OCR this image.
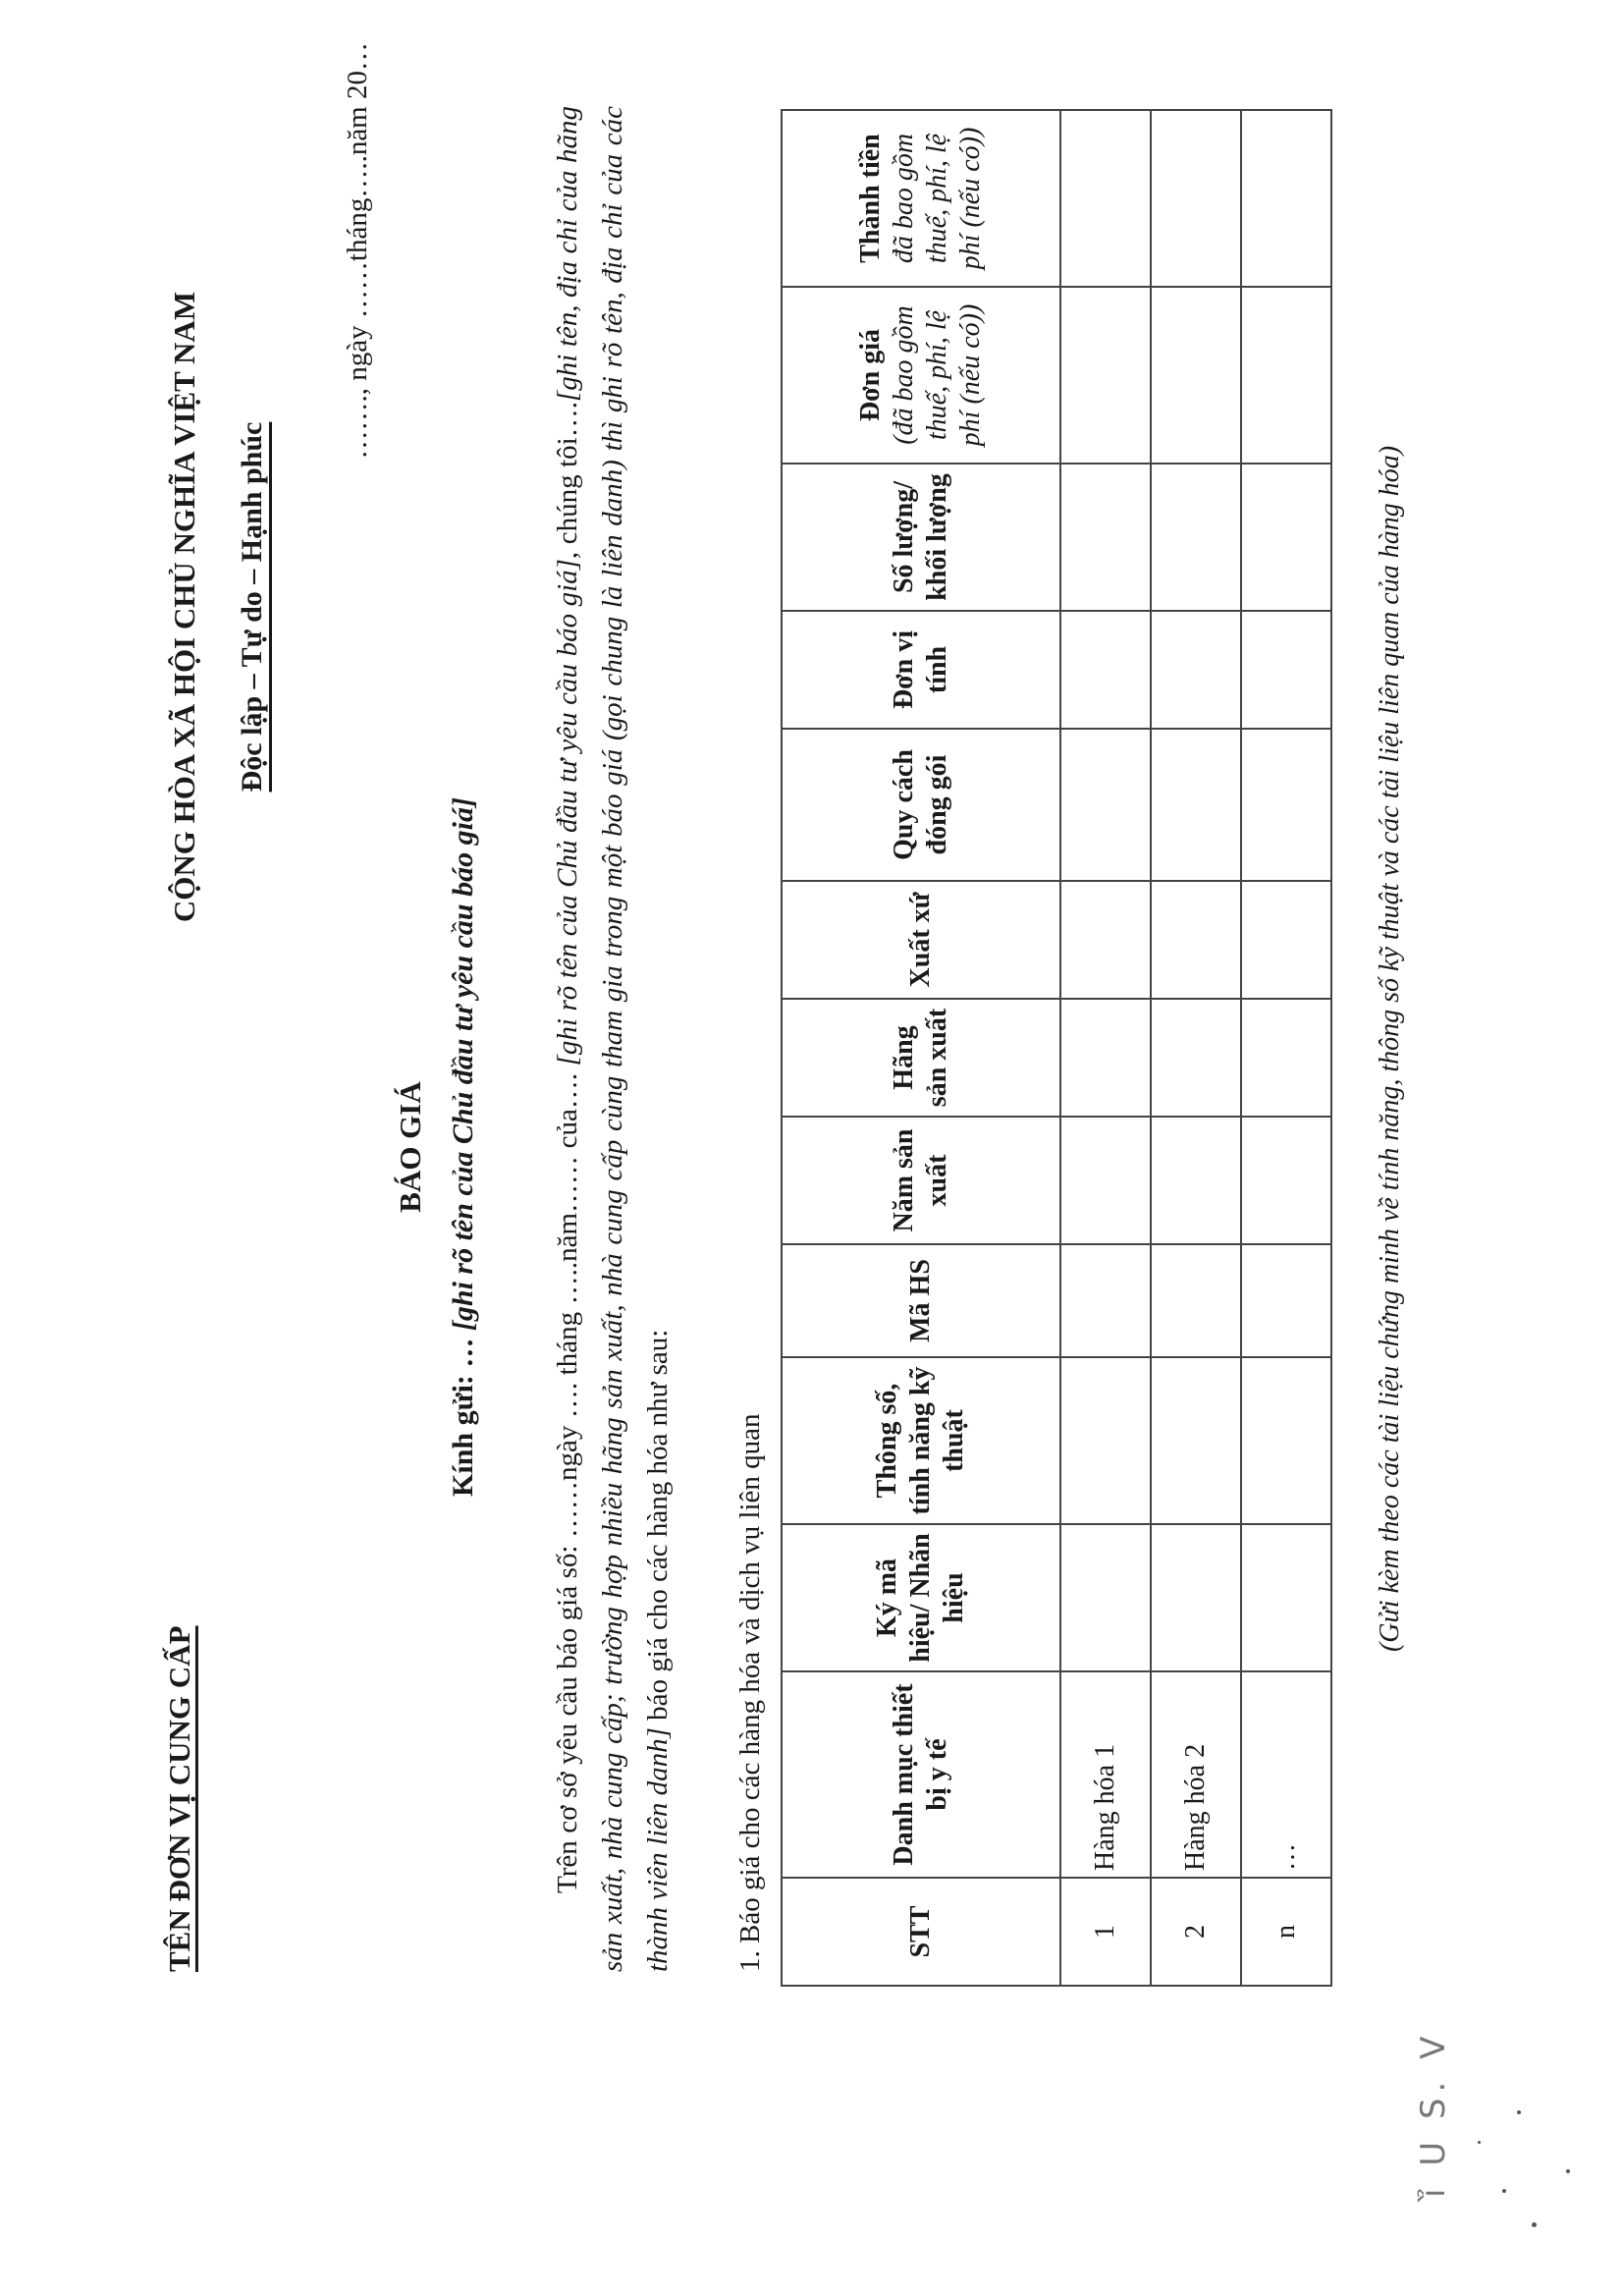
TÊN ĐƠN VỊ CUNG CẤP
CỘNG HÒA XÃ HỘI CHỦ NGHĨA VIỆT NAM Độc lập – Tự do – Hạnh phúc
……., ngày ……tháng…..năm 20…
BÁO GIÁ
Kính gửi: … [ghi rõ tên của Chủ đầu tư yêu cầu báo giá]
Trên cơ sở yêu cầu báo giá số: ……ngày …. tháng …..năm…… của…. [ghi rõ tên của Chủ đầu tư yêu cầu báo giá], chúng tôi….[ghi tên, địa chỉ của hãng sản xuất, nhà cung cấp; trường hợp nhiều hãng sản xuất, nhà cung cấp cùng tham gia trong một báo giá (gọi chung là liên danh) thì ghi rõ tên, địa chỉ của các thành viên liên danh] báo giá cho các hàng hóa như sau: 1. Báo giá cho các hàng hóa và dịch vụ liên quan	STT	Danh mục thiết bị y tế	Ký mã hiệu/ Nhãn hiệu	Thông số, tính năng kỹ thuật	Mã HS	Năm sản xuất	Hãng sản xuất	Xuất xứ	Quy cách đóng gói	Đơn vị tính	Số lượng/ khối lượng	Đơn giá (đã bao gồm thuế, phí, lệ phí (nếu có))	Thành tiền đã bao gồm thuế, phí, lệ phí (nếu có))
1	Hàng hóa 1											
2	Hàng hóa 2											
n	…											
(Gửi kèm theo các tài liệu chứng minh về tính năng, thông số kỹ thuật và các tài liệu liên quan của hàng hóa)
ỉ̀ U S. V
